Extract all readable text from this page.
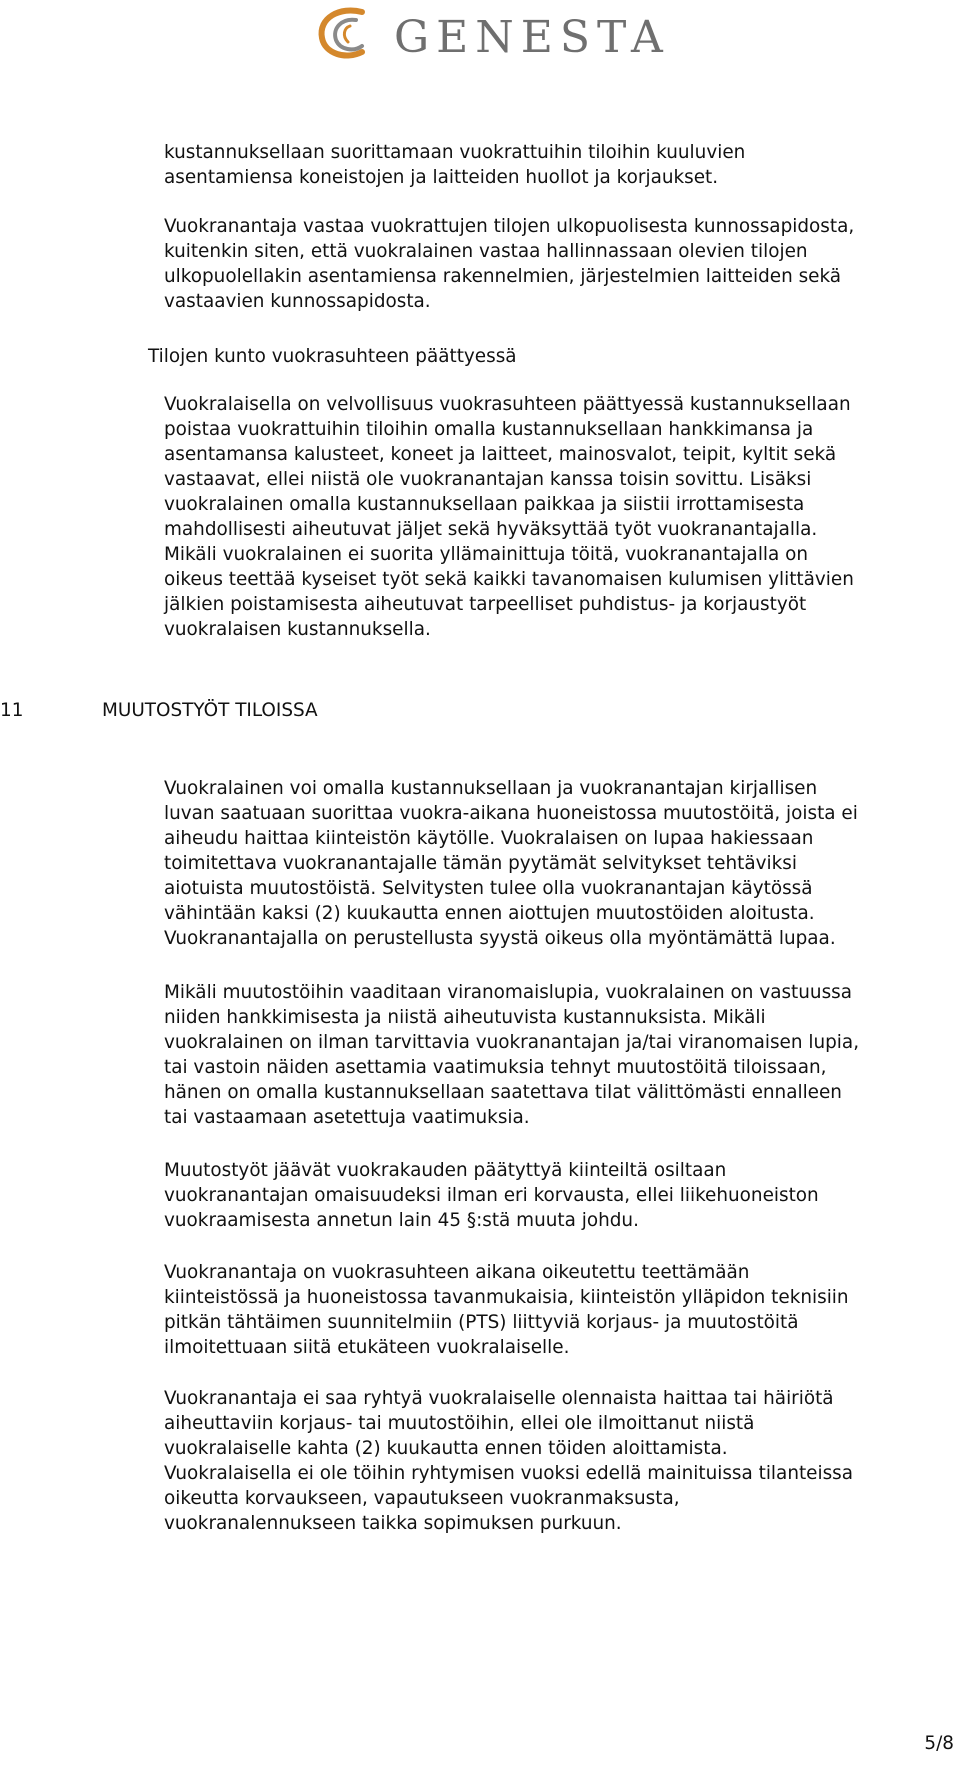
GENESTA
kustannuksellaan suorittamaan vuokrattuihin tiloihin kuuluvien
asentamiensa koneistojen ja laitteiden huollot ja korjaukset.
Vuokranantaja vastaa vuokrattujen tilojen ulkopuolisesta kunnossapidosta,
kuitenkin siten, että vuokralainen vastaa hallinnassaan olevien tilojen
ulkopuolellakin asentamiensa rakennelmien, järjestelmien laitteiden sekä
vastaavien kunnossapidosta.
Tilojen kunto vuokrasuhteen päättyessä
Vuokralaisella on velvollisuus vuokrasuhteen päättyessä kustannuksellaan
poistaa vuokrattuihin tiloihin omalla kustannuksellaan hankkimansa ja
asentamansa kalusteet, koneet ja laitteet, mainosvalot, teipit, kyltit sekä
vastaavat, ellei niistä ole vuokranantajan kanssa toisin sovittu. Lisäksi
vuokralainen omalla kustannuksellaan paikkaa ja siistii irrottamisesta
mahdollisesti aiheutuvat jäljet sekä hyväksyttää työt vuokranantajalla.
Mikäli vuokralainen ei suorita yllämainittuja töitä, vuokranantajalla on
oikeus teettää kyseiset työt sekä kaikki tavanomaisen kulumisen ylittävien
jälkien poistamisesta aiheutuvat tarpeelliset puhdistus- ja korjaustyöt
vuokralaisen kustannuksella.
11	MUUTOSTYÖT TILOISSA
Vuokralainen voi omalla kustannuksellaan ja vuokranantajan kirjallisen
luvan saatuaan suorittaa vuokra-aikana huoneistossa muutostöitä, joista ei
aiheudu haittaa kiinteistön käytölle. Vuokralaisen on lupaa hakiessaan
toimitettava vuokranantajalle tämän pyytämät selvitykset tehtäviksi
aiotuista muutostöistä. Selvitysten tulee olla vuokranantajan käytössä
vähintään kaksi (2) kuukautta ennen aiottujen muutostöiden aloitusta.
Vuokranantajalla on perustellusta syystä oikeus olla myöntämättä lupaa.
Mikäli muutostöihin vaaditaan viranomaislupia, vuokralainen on vastuussa
niiden hankkimisesta ja niistä aiheutuvista kustannuksista. Mikäli
vuokralainen on ilman tarvittavia vuokranantajan ja/tai viranomaisen lupia,
tai vastoin näiden asettamia vaatimuksia tehnyt muutostöitä tiloissaan,
hänen on omalla kustannuksellaan saatettava tilat välittömästi ennalleen
tai vastaamaan asetettuja vaatimuksia.
Muutostyöt jäävät vuokrakauden päätyttyä kiinteiltä osiltaan
vuokranantajan omaisuudeksi ilman eri korvausta, ellei liikehuoneiston
vuokraamisesta annetun lain 45 §:stä muuta johdu.
Vuokranantaja on vuokrasuhteen aikana oikeutettu teettämään
kiinteistössä ja huoneistossa tavanmukaisia, kiinteistön ylläpidon teknisiin
pitkän tähtäimen suunnitelmiin (PTS) liittyviä korjaus- ja muutostöitä
ilmoitettuaan siitä etukäteen vuokralaiselle.
Vuokranantaja ei saa ryhtyä vuokralaiselle olennaista haittaa tai häiriötä
aiheuttaviin korjaus- tai muutostöihin, ellei ole ilmoittanut niistä
vuokralaiselle kahta (2) kuukautta ennen töiden aloittamista.
Vuokralaisella ei ole töihin ryhtymisen vuoksi edellä mainituissa tilanteissa
oikeutta korvaukseen, vapautukseen vuokranmaksusta,
vuokranalennukseen taikka sopimuksen purkuun.
5/8
